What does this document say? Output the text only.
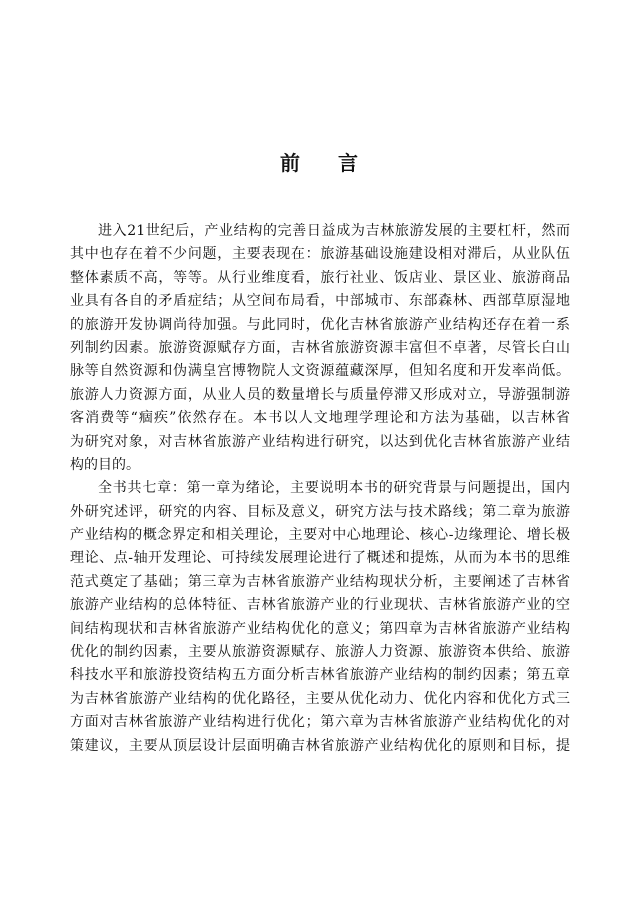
前 言

进入21世纪后，产业结构的完善日益成为吉林旅游发展的主要杠杆，然而
其中也存在着不少问题，主要表现在：旅游基础设施建设相对滞后，从业队伍
整体素质不高，等等。从行业维度看，旅行社业、饭店业、景区业、旅游商品
业具有各自的矛盾症结；从空间布局看，中部城市、东部森林、西部草原湿地
的旅游开发协调尚待加强。与此同时，优化吉林省旅游产业结构还存在着一系
列制约因素。旅游资源赋存方面，吉林省旅游资源丰富但不卓著，尽管长白山
脉等自然资源和伪满皇宫博物院人文资源蕴藏深厚，但知名度和开发率尚低。
旅游人力资源方面，从业人员的数量增长与质量停滞又形成对立，导游强制游
客消费等“痼疾”依然存在。本书以人文地理学理论和方法为基础，以吉林省
为研究对象，对吉林省旅游产业结构进行研究，以达到优化吉林省旅游产业结
构的目的。

全书共七章：第一章为绪论，主要说明本书的研究背景与问题提出，国内
外研究述评，研究的内容、目标及意义，研究方法与技术路线；第二章为旅游
产业结构的概念界定和相关理论，主要对中心地理论、核心-边缘理论、增长极
理论、点-轴开发理论、可持续发展理论进行了概述和提炼，从而为本书的思维
范式奠定了基础；第三章为吉林省旅游产业结构现状分析，主要阐述了吉林省
旅游产业结构的总体特征、吉林省旅游产业的行业现状、吉林省旅游产业的空
间结构现状和吉林省旅游产业结构优化的意义；第四章为吉林省旅游产业结构
优化的制约因素，主要从旅游资源赋存、旅游人力资源、旅游资本供给、旅游
科技水平和旅游投资结构五方面分析吉林省旅游产业结构的制约因素；第五章
为吉林省旅游产业结构的优化路径，主要从优化动力、优化内容和优化方式三
方面对吉林省旅游产业结构进行优化；第六章为吉林省旅游产业结构优化的对
策建议，主要从顶层设计层面明确吉林省旅游产业结构优化的原则和目标，提
